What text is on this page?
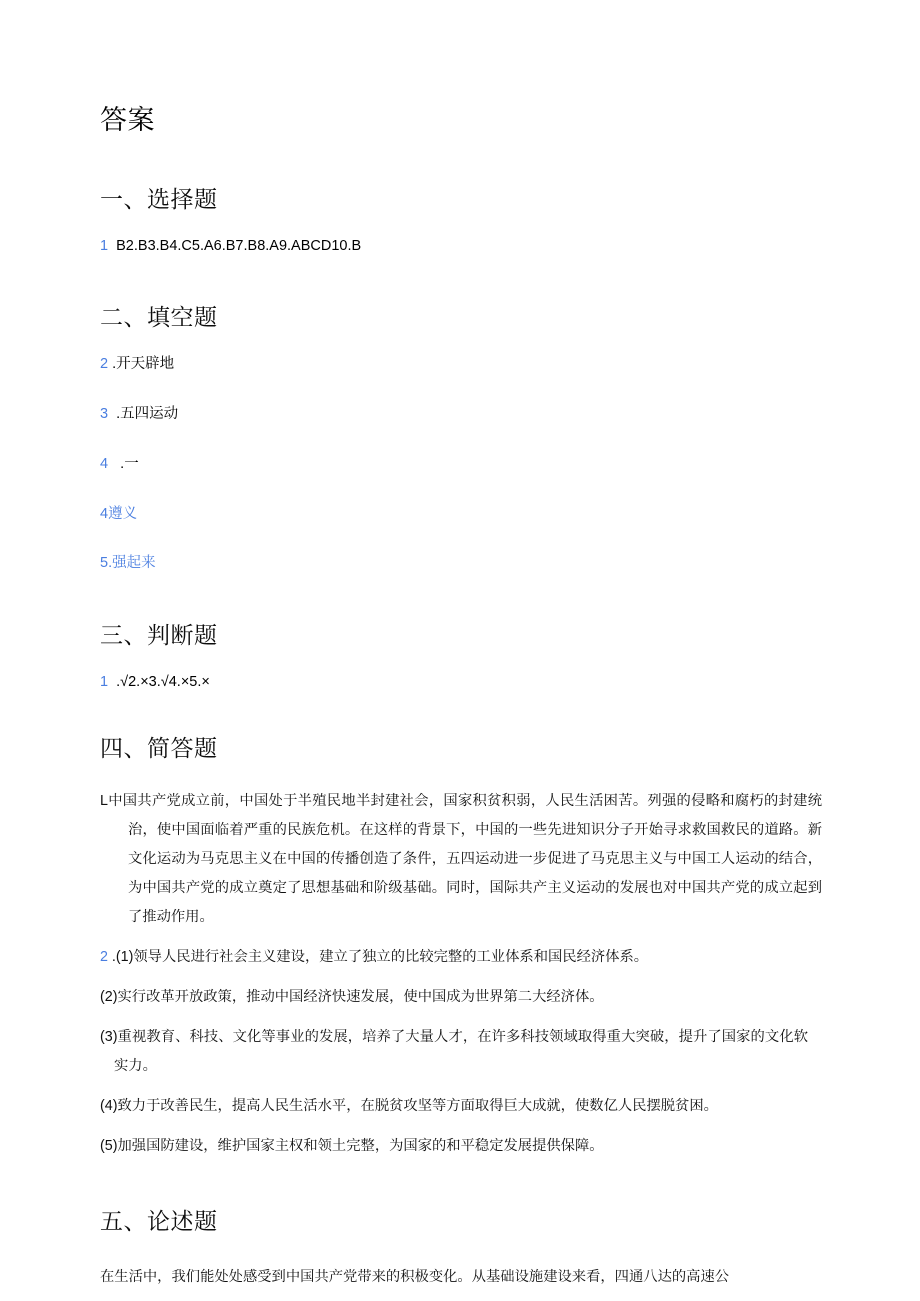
答案
一、选择题

1  B2.B3.B4.C5.A6.B7.B8.A9.ABCD10.B

二、填空题

2 .开天辟地

3  .五四运动

4   .一

4遵义

5.强起来

三、判断题

1  .√2.×3.√4.×5.×

四、简答题

L中国共产党成立前，中国处于半殖民地半封建社会，国家积贫积弱，人民生活困苦。列强的侵略和腐朽的封建统治，使中国面临着严重的民族危机。在这样的背景下，中国的一些先进知识分子开始寻求救国救民的道路。新文化运动为马克思主义在中国的传播创造了条件，五四运动进一步促进了马克思主义与中国工人运动的结合，为中国共产党的成立奠定了思想基础和阶级基础。同时，国际共产主义运动的发展也对中国共产党的成立起到了推动作用。

2 .(1)领导人民进行社会主义建设，建立了独立的比较完整的工业体系和国民经济体系。

(2)实行改革开放政策，推动中国经济快速发展，使中国成为世界第二大经济体。

(3)重视教育、科技、文化等事业的发展，培养了大量人才，在许多科技领域取得重大突破，提升了国家的文化软实力。

(4)致力于改善民生，提高人民生活水平，在脱贫攻坚等方面取得巨大成就，使数亿人民摆脱贫困。

(5)加强国防建设，维护国家主权和领土完整，为国家的和平稳定发展提供保障。

五、论述题

在生活中，我们能处处感受到中国共产党带来的积极变化。从基础设施建设来看，四通八达的高速公
